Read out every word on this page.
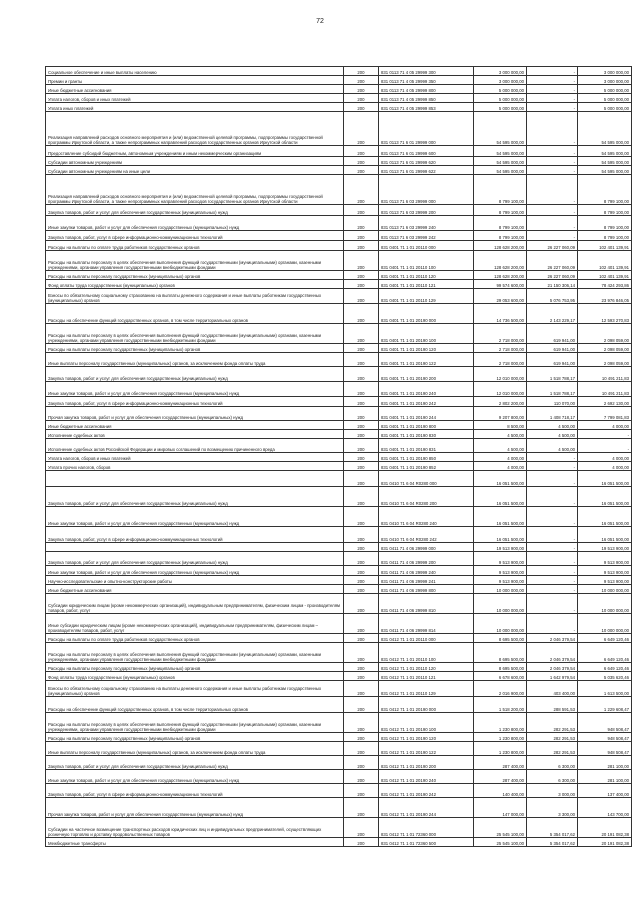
72
Социальное обеспечение и иные выплаты населению	200	831 0113 71 4 05 29999 300	3 000 000,00	-	3 000 000,00
Премии и гранты	200	831 0113 71 4 05 29999 350	3 000 000,00	-	3 000 000,00
Иные бюджетные ассигнования	200	831 0113 71 4 05 29999 800	5 000 000,00	-	5 000 000,00
Уплата налогов, сборов и иных платежей	200	831 0113 71 4 05 29999 850	5 000 000,00	-	5 000 000,00
Уплата иных платежей	200	831 0113 71 4 05 29999 853	5 000 000,00	-	5 000 000,00
Реализация направлений расходов основного мероприятия и (или) ведомственной целевой программы, подпрограммы государственной программы Иркутской области, а также непрограммных направлений расходов государственных органов Иркутской области	200	831 0113 71 6 01 29999 000	54 595 000,00	-	54 595 000,00
Предоставление субсидий бюджетным, автономным учреждениям и иным некоммерческим организациям	200	831 0113 71 6 01 29999 600	54 595 000,00	-	54 595 000,00
Субсидии автономным учреждениям	200	831 0113 71 6 01 29999 620	54 595 000,00	-	54 595 000,00
Субсидии автономным учреждениям на иные цели	200	831 0113 71 6 01 29999 622	54 595 000,00	-	54 595 000,00
Реализация направлений расходов основного мероприятия и (или) ведомственной целевой программы, подпрограммы государственной программы Иркутской области, а также непрограммных направлений расходов государственных органов Иркутской области	200	831 0113 71 6 03 29999 000	8 799 100,00	-	8 799 100,00
Закупка товаров, работ и услуг для обеспечения государственных (муниципальных) нужд	200	831 0113 71 6 03 29999 200	8 799 100,00	-	8 799 100,00
Иные закупки товаров, работ и услуг для обеспечения государственных (муниципальных) нужд	200	831 0113 71 6 03 29999 240	8 799 100,00	-	8 799 100,00
Закупка товаров, работ, услуг в сфере информационно-коммуникационных технологий	200	831 0113 71 6 03 29999 242	8 799 100,00	-	8 799 100,00
Расходы на выплаты по оплате труда работников государственных органов	200	831 0401 71 1 01 20110 000	128 628 200,00	26 227 060,09	102 401 139,91
Расходы на выплаты персоналу в целях обеспечения выполнения функций государственными (муниципальными) органами, казенными учреждениями, органами управления государственными внебюджетными фондами	200	831 0401 71 1 01 20110 100	128 628 200,00	26 227 060,09	102 401 139,91
Расходы на выплаты персоналу государственных (муниципальных) органов	200	831 0401 71 1 01 20110 120	128 628 200,00	26 227 060,09	102 401 139,91
Фонд оплаты труда государственных (муниципальных) органов	200	831 0401 71 1 01 20110 121	99 574 600,00	21 150 306,14	78 424 293,86
Взносы по обязательному социальному страхованию на выплаты денежного содержания и иные выплаты работникам государственных (муниципальных) органов	200	831 0401 71 1 01 20110 129	29 053 600,00	5 076 753,95	23 976 846,05
Расходы на обеспечение функций государственных органов, в том числе территориальных органов	200	831 0401 71 1 01 20190 000	14 736 500,00	2 143 229,17	12 593 270,83
Расходы на выплаты персоналу в целях обеспечения выполнения функций государственными (муниципальными) органами, казенными учреждениями, органами управления государственными внебюджетными фондами	200	831 0401 71 1 01 20190 100	2 718 000,00	619 941,00	2 098 059,00
Расходы на выплаты персоналу государственных (муниципальных) органов	200	831 0401 71 1 01 20190 120	2 718 000,00	619 941,00	2 098 059,00
Иные выплаты персоналу государственных (муниципальных) органов, за исключением фонда оплаты труда	200	831 0401 71 1 01 20190 122	2 718 000,00	619 941,00	2 098 059,00
Закупка товаров, работ и услуг для обеспечения государственных (муниципальных) нужд	200	831 0401 71 1 01 20190 200	12 010 000,00	1 518 788,17	10 491 211,83
Иные закупки товаров, работ и услуг для обеспечения государственных (муниципальных) нужд	200	831 0401 71 1 01 20190 240	12 010 000,00	1 518 788,17	10 491 211,83
Закупка товаров, работ, услуг в сфере информационно-коммуникационных технологий	200	831 0401 71 1 01 20190 242	2 802 200,00	110 070,00	2 692 130,00
Прочая закупка товаров, работ и услуг для обеспечения государственных (муниципальных) нужд	200	831 0401 71 1 01 20190 244	9 207 800,00	1 408 718,17	7 799 081,83
Иные бюджетные ассигнования	200	831 0401 71 1 01 20190 800	8 500,00	4 500,00	4 000,00
Исполнение судебных актов	200	831 0401 71 1 01 20190 830	4 500,00	4 500,00	-
Исполнение судебных актов Российской Федерации и мировых соглашений по возмещению причиненного вреда	200	831 0401 71 1 01 20190 831	4 500,00	4 500,00	-
Уплата налогов, сборов и иных платежей	200	831 0401 71 1 01 20190 850	4 000,00	-	4 000,00
Уплата прочих налогов, сборов	200	831 0401 71 1 01 20190 852	4 000,00	-	4 000,00
	200	831 0410 71 6 04 R0280 000	16 051 500,00	-	16 051 500,00
Закупка товаров, работ и услуг для обеспечения государственных (муниципальных) нужд	200	831 0410 71 6 04 R0280 200	16 051 500,00	-	16 051 500,00
Иные закупки товаров, работ и услуг для обеспечения государственных (муниципальных) нужд	200	831 0410 71 6 04 R0280 240	16 051 500,00	-	16 051 500,00
Закупка товаров, работ, услуг в сфере информационно-коммуникационных технологий	200	831 0410 71 6 04 R0280 242	16 051 500,00	-	16 051 500,00
	200	831 0411 71 4 06 29999 000	19 513 900,00	-	19 513 900,00
Закупка товаров, работ и услуг для обеспечения государственных (муниципальных) нужд	200	831 0411 71 4 06 29999 200	9 513 900,00	-	9 513 900,00
Иные закупки товаров, работ и услуг для обеспечения государственных (муниципальных) нужд	200	831 0411 71 4 06 29999 240	9 513 900,00	-	9 513 900,00
Научно-исследовательские и опытно-конструкторские работы	200	831 0411 71 4 06 29999 241	9 513 900,00	-	9 513 900,00
Иные бюджетные ассигнования	200	831 0411 71 4 06 29999 800	10 000 000,00	-	10 000 000,00
Субсидии юридическим лицам (кроме некоммерческих организаций), индивидуальным предпринимателям, физическим лицам - производителям товаров, работ, услуг	200	831 0411 71 4 06 29999 810	10 000 000,00	-	10 000 000,00
Иные субсидии юридическим лицам (кроме некоммерческих организаций), индивидуальным предпринимателям, физическим лицам – производителям товаров, работ, услуг	200	831 0411 71 4 06 29999 814	10 000 000,00	-	10 000 000,00
Расходы на выплаты по оплате труда работников государственных органов	200	831 0412 71 1 01 20110 000	8 695 500,00	2 046 379,54	6 649 120,46
Расходы на выплаты персоналу в целях обеспечения выполнения функций государственными (муниципальными) органами, казенными учреждениями, органами управления государственными внебюджетными фондами	200	831 0412 71 1 01 20110 100	8 695 500,00	2 046 379,54	6 649 120,46
Расходы на выплаты персоналу государственных (муниципальных) органов	200	831 0412 71 1 01 20110 120	8 695 500,00	2 046 379,54	6 649 120,46
Фонд оплаты труда государственных (муниципальных) органов	200	831 0412 71 1 01 20110 121	6 678 600,00	1 642 979,54	5 035 620,46
Взносы по обязательному социальному страхованию на выплаты денежного содержания и иные выплаты работникам государственных (муниципальных) органов	200	831 0412 71 1 01 20110 129	2 016 900,00	403 400,00	1 613 500,00
Расходы на обеспечение функций государственных органов, в том числе территориальных органов	200	831 0412 71 1 01 20190 000	1 518 200,00	288 591,53	1 229 608,47
Расходы на выплаты персоналу в целях обеспечения выполнения функций государственными (муниципальными) органами, казенными учреждениями, органами управления государственными внебюджетными фондами	200	831 0412 71 1 01 20190 100	1 230 800,00	282 291,53	948 508,47
Расходы на выплаты персоналу государственных (муниципальных) органов	200	831 0412 71 1 01 20190 120	1 230 800,00	282 291,53	948 508,47
Иные выплаты персоналу государственных (муниципальных) органов, за исключением фонда оплаты труда	200	831 0412 71 1 01 20190 122	1 230 800,00	282 291,53	948 508,47
Закупка товаров, работ и услуг для обеспечения государственных (муниципальных) нужд	200	831 0412 71 1 01 20190 200	287 400,00	6 300,00	281 100,00
Иные закупки товаров, работ и услуг для обеспечения государственных (муниципальных) нужд	200	831 0412 71 1 01 20190 240	287 400,00	6 300,00	281 100,00
Закупка товаров, работ, услуг в сфере информационно-коммуникационных технологий	200	831 0412 71 1 01 20190 242	140 400,00	3 000,00	137 400,00
Прочая закупка товаров, работ и услуг для обеспечения государственных (муниципальных) нужд	200	831 0412 71 1 01 20190 244	147 000,00	3 300,00	143 700,00
Субсидии на частичное возмещение транспортных расходов юридических лиц и индивидуальных предпринимателей, осуществляющих розничную торговлю и доставку продовольственных товаров	200	831 0412 71 1 01 72360 000	25 545 100,00	5 354 017,62	20 191 082,38
Межбюджетные трансферты	200	831 0412 71 1 01 72360 500	25 545 100,00	5 354 017,62	20 191 082,38
